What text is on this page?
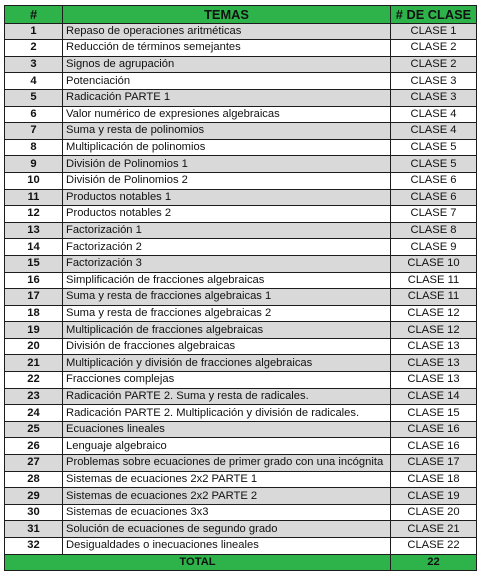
#	TEMAS	# DE CLASE
1	Repaso de operaciones aritméticas	CLASE 1
2	Reducción de términos semejantes	CLASE 2
3	Signos de agrupación	CLASE 2
4	Potenciación	CLASE 3
5	Radicación PARTE 1	CLASE 3
6	Valor numérico de expresiones algebraicas	CLASE 4
7	Suma y resta de polinomios	CLASE 4
8	Multiplicación de polinomios	CLASE 5
9	División de Polinomios 1	CLASE 5
10	División de Polinomios 2	CLASE 6
11	Productos notables 1	CLASE 6
12	Productos notables 2	CLASE 7
13	Factorización 1	CLASE 8
14	Factorización 2	CLASE 9
15	Factorización 3	CLASE 10
16	Simplificación de fracciones algebraicas	CLASE 11
17	Suma y resta de fracciones algebraicas 1	CLASE 11
18	Suma y resta de fracciones algebraicas 2	CLASE 12
19	Multiplicación de fracciones algebraicas	CLASE 12
20	División de fracciones algebraicas	CLASE 13
21	Multiplicación y división de fracciones algebraicas	CLASE 13
22	Fracciones complejas	CLASE 13
23	Radicación PARTE 2. Suma y resta de radicales.	CLASE 14
24	Radicación PARTE 2. Multiplicación y división de radicales.	CLASE 15
25	Ecuaciones lineales	CLASE 16
26	Lenguaje algebraico	CLASE 16
27	Problemas sobre ecuaciones de primer grado con una incógnita	CLASE 17
28	Sistemas de ecuaciones 2x2 PARTE 1	CLASE 18
29	Sistemas de ecuaciones 2x2 PARTE 2	CLASE 19
30	Sistemas de ecuaciones 3x3	CLASE 20
31	Solución de ecuaciones de segundo grado	CLASE 21
32	Desigualdades o inecuaciones lineales	CLASE 22
TOTAL		22
